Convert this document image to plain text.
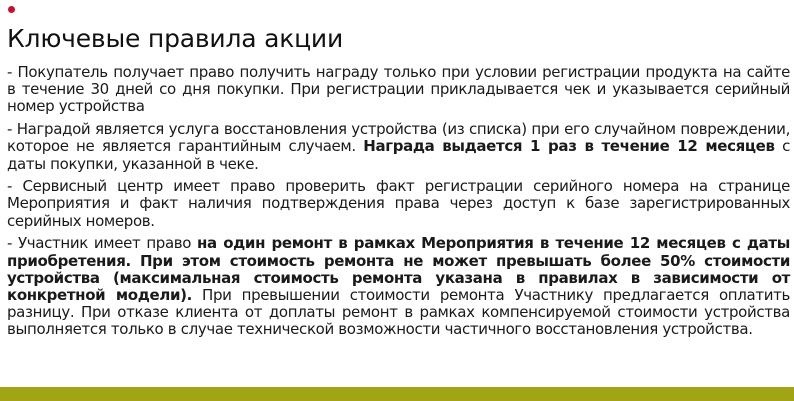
Ключевые правила акции

- Покупатель получает право получить награду только при условии регистрации продукта на сайте в течение 30 дней со дня покупки. При регистрации прикладывается чек и указывается серийный номер устройства

- Наградой является услуга восстановления устройства (из списка) при его случайном повреждении, которое не является гарантийным случаем. Награда выдается 1 раз в течение 12 месяцев с даты покупки, указанной в чеке.

- Сервисный центр имеет право проверить факт регистрации серийного номера на странице Мероприятия и факт наличия подтверждения права через доступ к базе зарегистрированных серийных номеров.

- Участник имеет право на один ремонт в рамках Мероприятия в течение 12 месяцев с даты приобретения. При этом стоимость ремонта не может превышать более 50% стоимости устройства (максимальная стоимость ремонта указана в правилах в зависимости от конкретной модели). При превышении стоимости ремонта Участнику предлагается оплатить разницу. При отказе клиента от доплаты ремонт в рамках компенсируемой стоимости устройства выполняется только в случае технической возможности частичного восстановления устройства.
